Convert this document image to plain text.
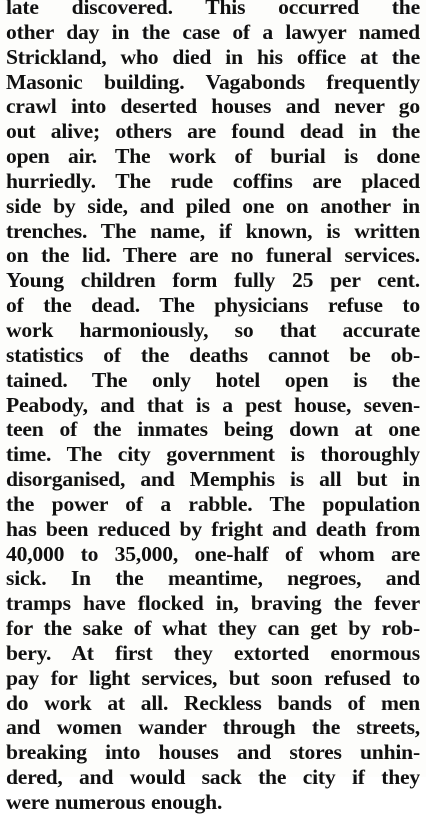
late discovered. This occurred the
other day in the case of a lawyer named
Strickland, who died in his office at the
Masonic building. Vagabonds frequently
crawl into deserted houses and never go
out alive; others are found dead in the
open air. The work of burial is done
hurriedly. The rude coffins are placed
side by side, and piled one on another in
trenches. The name, if known, is written
on the lid. There are no funeral services.
Young children form fully 25 per cent.
of the dead. The physicians refuse to
work harmoniously, so that accurate
statistics of the deaths cannot be ob-
tained. The only hotel open is the
Peabody, and that is a pest house, seven-
teen of the inmates being down at one
time. The city government is thoroughly
disorganised, and Memphis is all but in
the power of a rabble. The population
has been reduced by fright and death from
40,000 to 35,000, one-half of whom are
sick. In the meantime, negroes, and
tramps have flocked in, braving the fever
for the sake of what they can get by rob-
bery. At first they extorted enormous
pay for light services, but soon refused to
do work at all. Reckless bands of men
and women wander through the streets,
breaking into houses and stores unhin-
dered, and would sack the city if they
were numerous enough.
